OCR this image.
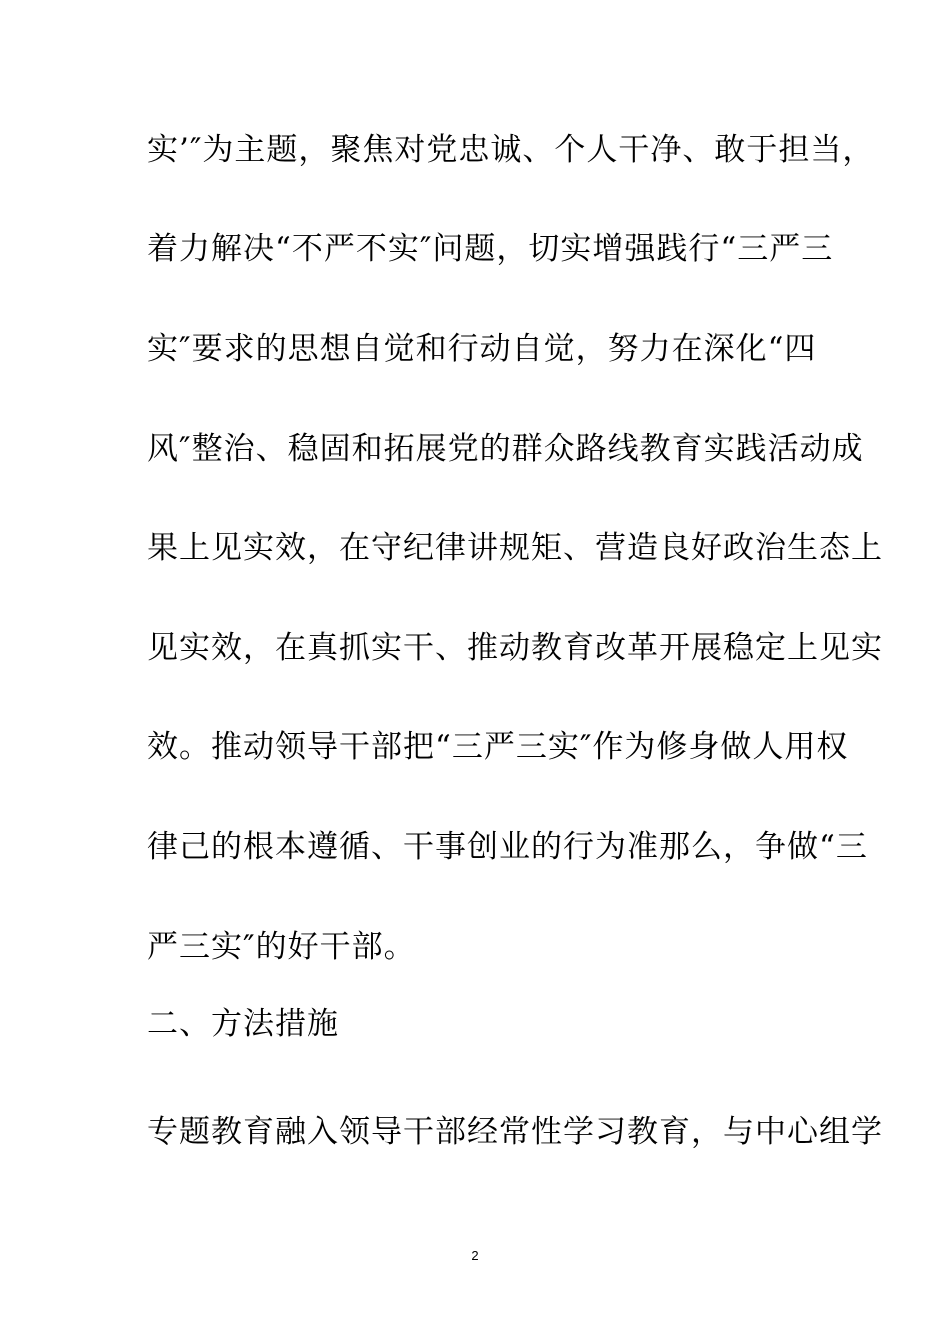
实’″为主题，聚焦对党忠诚、个人干净、敢于担当，
着力解决“不严不实″问题，切实增强践行“三严三
实″要求的思想自觉和行动自觉，努力在深化“四
风″整治、稳固和拓展党的群众路线教育实践活动成
果上见实效，在守纪律讲规矩、营造良好政治生态上
见实效，在真抓实干、推动教育改革开展稳定上见实
效。推动领导干部把“三严三实″作为修身做人用权
律己的根本遵循、干事创业的行为准那么，争做“三
严三实″的好干部。
二、方法措施
专题教育融入领导干部经常性学习教育，与中心组学
2
